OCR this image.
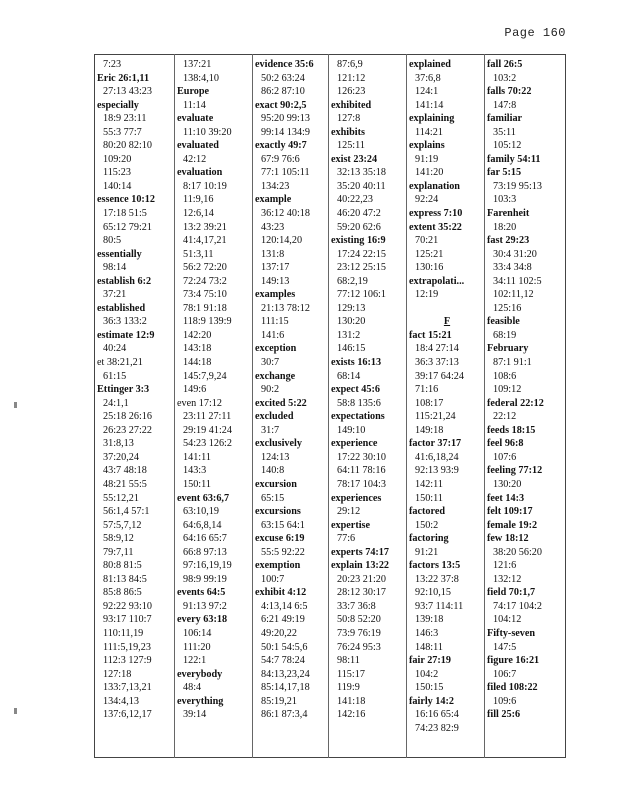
Page 160
7:23
Eric 26:1,11
27:13 43:23
especially
18:9 23:11
55:3 77:7
80:20 82:10
109:20
115:23
140:14
essence 10:12
17:18 51:5
65:12 79:21
80:5
essentially
98:14
establish 6:2
37:21
established
36:3 133:2
estimate 12:9
40:24
et 38:21,21
61:15
Ettinger 3:3
24:1,1
25:18 26:16
26:23 27:22
31:8,13
37:20,24
43:7 48:18
48:21 55:5
55:12,21
56:1,4 57:1
57:5,7,12
58:9,12
79:7,11
80:8 81:5
81:13 84:5
85:8 86:5
92:22 93:10
93:17 110:7
110:11,19
111:5,19,23
112:3 127:9
127:18
133:7,13,21
134:4,13
137:6,12,17
137:21
138:4,10
Europe
11:14
evaluate
11:10 39:20
evaluated
42:12
evaluation
8:17 10:19
11:9,16
12:6,14
13:2 39:21
41:4,17,21
51:3,11
56:2 72:20
72:24 73:2
73:4 75:10
78:1 91:18
118:9 139:9
142:20
143:18
144:18
145:7,9,24
149:6
even 17:12
23:11 27:11
29:19 41:24
54:23 126:2
141:11
143:3
150:11
event 63:6,7
63:10,19
64:6,8,14
64:16 65:7
66:8 97:13
97:16,19,19
98:9 99:19
events 64:5
91:13 97:2
every 63:18
106:14
111:20
122:1
everybody
48:4
everything
39:14
evidence 35:6
50:2 63:24
86:2 87:10
exact 90:2,5
95:20 99:13
99:14 134:9
exactly 49:7
67:9 76:6
77:1 105:11
134:23
example
36:12 40:18
43:23
120:14,20
131:8
137:17
149:13
examples
21:13 78:12
111:15
141:6
exception
30:7
exchange
90:2
excited 5:22
excluded
31:7
exclusively
124:13
140:8
excursion
65:15
excursions
63:15 64:1
excuse 6:19
55:5 92:22
exemption
100:7
exhibit 4:12
4:13,14 6:5
6:21 49:19
49:20,22
50:1 54:5,6
54:7 78:24
84:13,23,24
85:14,17,18
85:19,21
86:1 87:3,4
87:6,9
121:12
126:23
exhibited
127:8
exhibits
125:11
exist 23:24
32:13 35:18
35:20 40:11
40:22,23
46:20 47:2
59:20 62:6
existing 16:9
17:24 22:15
23:12 25:15
68:2,19
77:12 106:1
129:13
130:20
131:2
146:15
exists 16:13
68:14
expect 45:6
58:8 135:6
expectations
149:10
experience
17:22 30:10
64:11 78:16
78:17 104:3
experiences
29:12
expertise
77:6
experts 74:17
explain 13:22
20:23 21:20
28:12 30:17
33:7 36:8
50:8 52:20
73:9 76:19
76:24 95:3
98:11
115:17
119:9
141:18
142:16
explained
37:6,8
124:1
141:14
explaining
114:21
explains
91:19
141:20
explanation
92:24
express 7:10
extent 35:22
70:21
125:21
130:16
extrapolati...
12:19
F
fact 15:21
18:4 27:14
36:3 37:13
39:17 64:24
71:16
108:17
115:21,24
149:18
factor 37:17
41:6,18,24
92:13 93:9
142:11
150:11
factored
150:2
factoring
91:21
factors 13:5
13:22 37:8
92:10,15
93:7 114:11
139:18
146:3
148:11
fair 27:19
104:2
150:15
fairly 14:2
16:16 65:4
74:23 82:9
fall 26:5
103:2
falls 70:22
147:8
familiar
35:11
105:12
family 54:11
far 5:15
73:19 95:13
103:3
Farenheit
18:20
fast 29:23
30:4 31:20
33:4 34:8
34:11 102:5
102:11,12
125:16
feasible
68:19
February
87:1 91:1
108:6
109:12
federal 22:12
22:12
feeds 18:15
feel 96:8
107:6
feeling 77:12
130:20
feet 14:3
felt 109:17
female 19:2
few 18:12
38:20 56:20
121:6
132:12
field 70:1,7
74:17 104:2
104:12
Fifty-seven
147:5
figure 16:21
106:7
filed 108:22
109:6
fill 25:6
